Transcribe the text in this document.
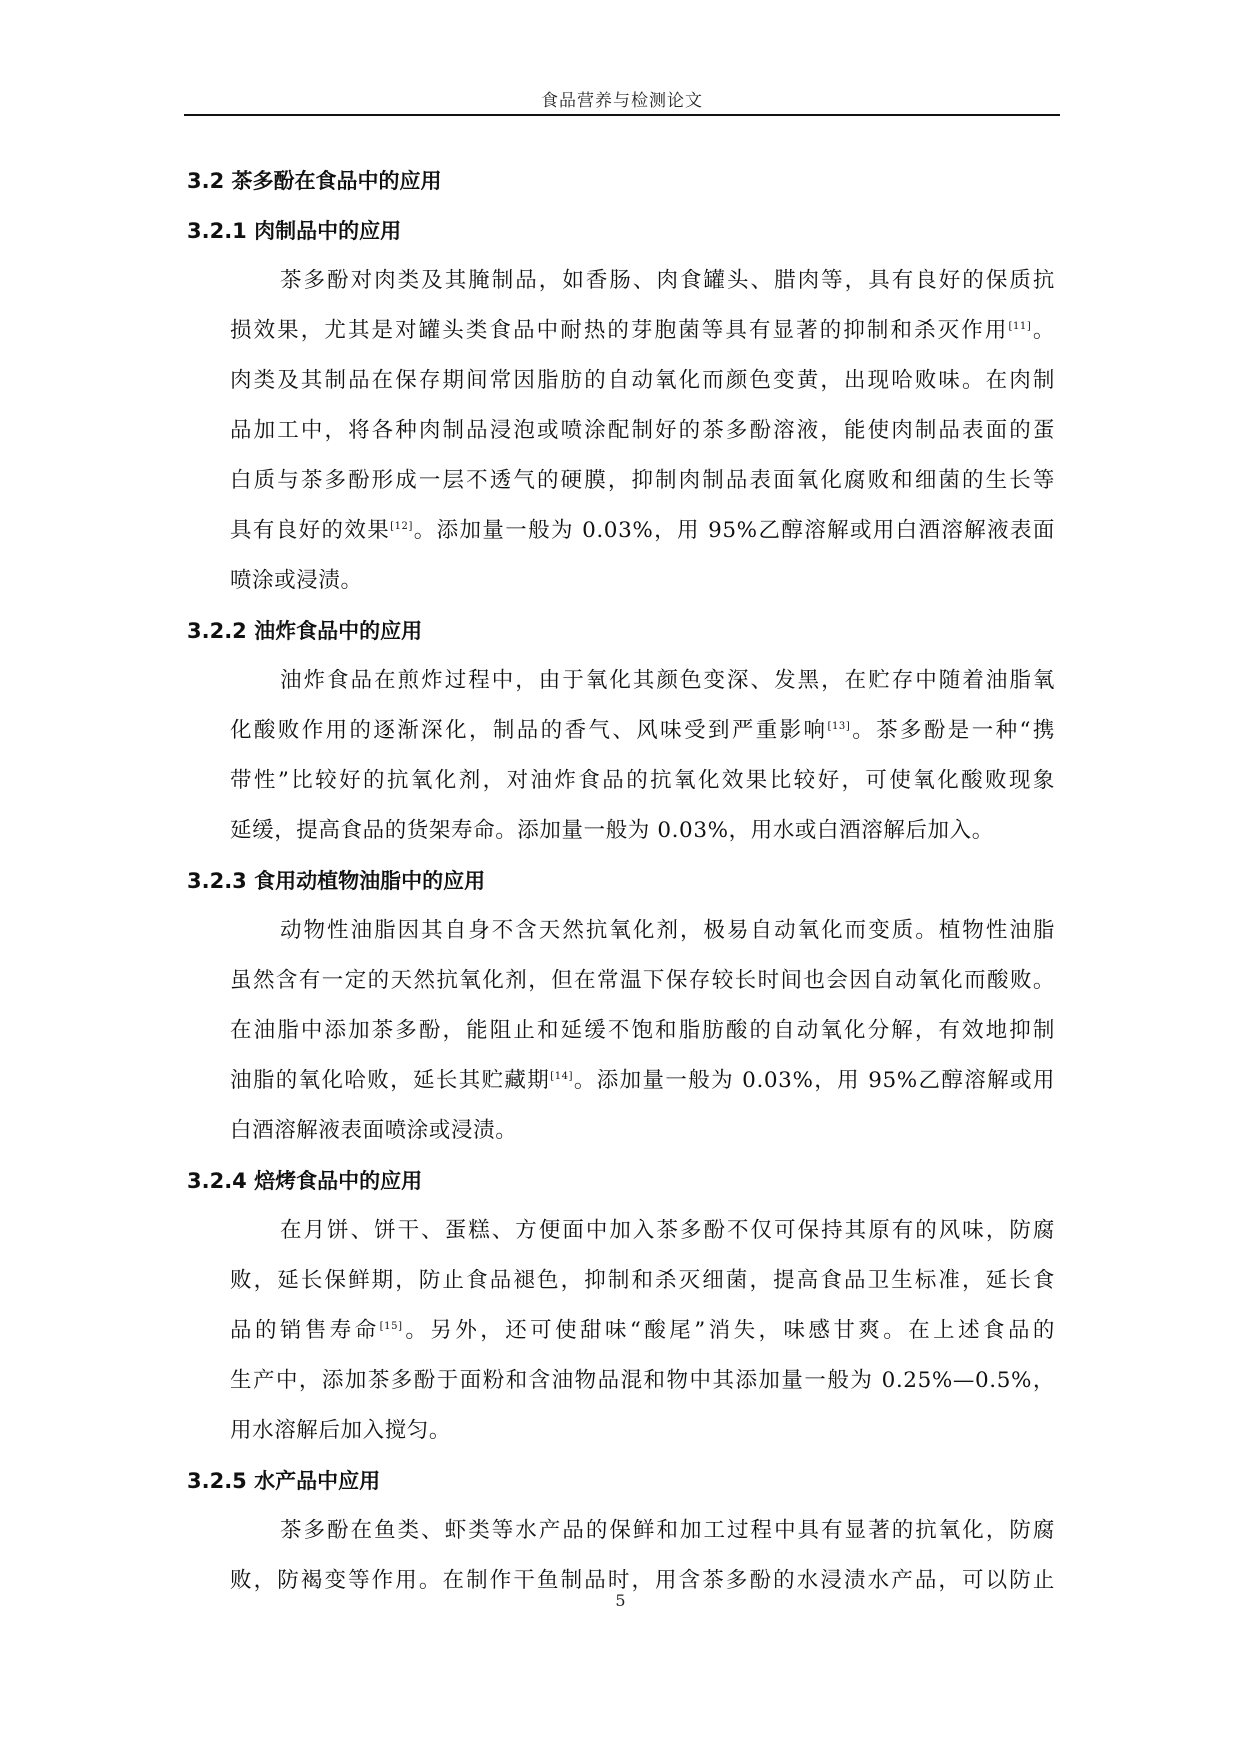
食品营养与检测论文
3.2 茶多酚在食品中的应用
3.2.1 肉制品中的应用
茶多酚对肉类及其腌制品，如香肠、肉食罐头、腊肉等，具有良好的保质抗
损效果，尤其是对罐头类食品中耐热的芽胞菌等具有显著的抑制和杀灭作用[11]。
肉类及其制品在保存期间常因脂肪的自动氧化而颜色变黄，出现哈败味。在肉制
品加工中，将各种肉制品浸泡或喷涂配制好的茶多酚溶液，能使肉制品表面的蛋
白质与茶多酚形成一层不透气的硬膜，抑制肉制品表面氧化腐败和细菌的生长等
具有良好的效果[12]。添加量一般为 0.03%，用 95%乙醇溶解或用白酒溶解液表面
喷涂或浸渍。
3.2.2 油炸食品中的应用
油炸食品在煎炸过程中，由于氧化其颜色变深、发黑，在贮存中随着油脂氧
化酸败作用的逐渐深化，制品的香气、风味受到严重影响[13]。茶多酚是一种“携
带性”比较好的抗氧化剂，对油炸食品的抗氧化效果比较好，可使氧化酸败现象
延缓，提高食品的货架寿命。添加量一般为 0.03%，用水或白酒溶解后加入。
3.2.3 食用动植物油脂中的应用
动物性油脂因其自身不含天然抗氧化剂，极易自动氧化而变质。植物性油脂
虽然含有一定的天然抗氧化剂，但在常温下保存较长时间也会因自动氧化而酸败。
在油脂中添加茶多酚，能阻止和延缓不饱和脂肪酸的自动氧化分解，有效地抑制
油脂的氧化哈败，延长其贮藏期[14]。添加量一般为 0.03%，用 95%乙醇溶解或用
白酒溶解液表面喷涂或浸渍。
3.2.4 焙烤食品中的应用
在月饼、饼干、蛋糕、方便面中加入茶多酚不仅可保持其原有的风味，防腐
败，延长保鲜期，防止食品褪色，抑制和杀灭细菌，提高食品卫生标准，延长食
品的销售寿命[15]。另外，还可使甜味“酸尾”消失，味感甘爽。在上述食品的
生产中，添加茶多酚于面粉和含油物品混和物中其添加量一般为 0.25%—0.5%，
用水溶解后加入搅匀。
3.2.5 水产品中应用
茶多酚在鱼类、虾类等水产品的保鲜和加工过程中具有显著的抗氧化，防腐
败，防褐变等作用。在制作干鱼制品时，用含茶多酚的水浸渍水产品，可以防止
5
